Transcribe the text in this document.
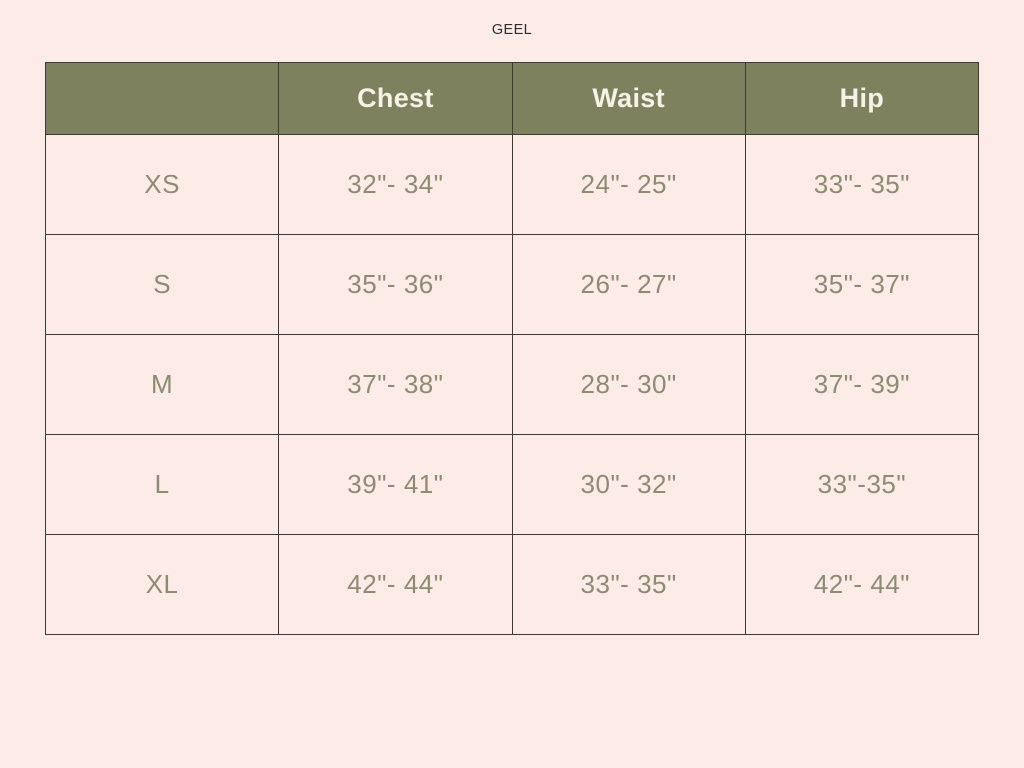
GEEL
	Chest	Waist	Hip
XS	32"- 34"	24"- 25"	33"- 35"
S	35"- 36"	26"- 27"	35"- 37"
M	37"- 38"	28"- 30"	37"- 39"
L	39"- 41"	30"- 32"	33"-35"
XL	42"- 44"	33"- 35"	42"- 44"
